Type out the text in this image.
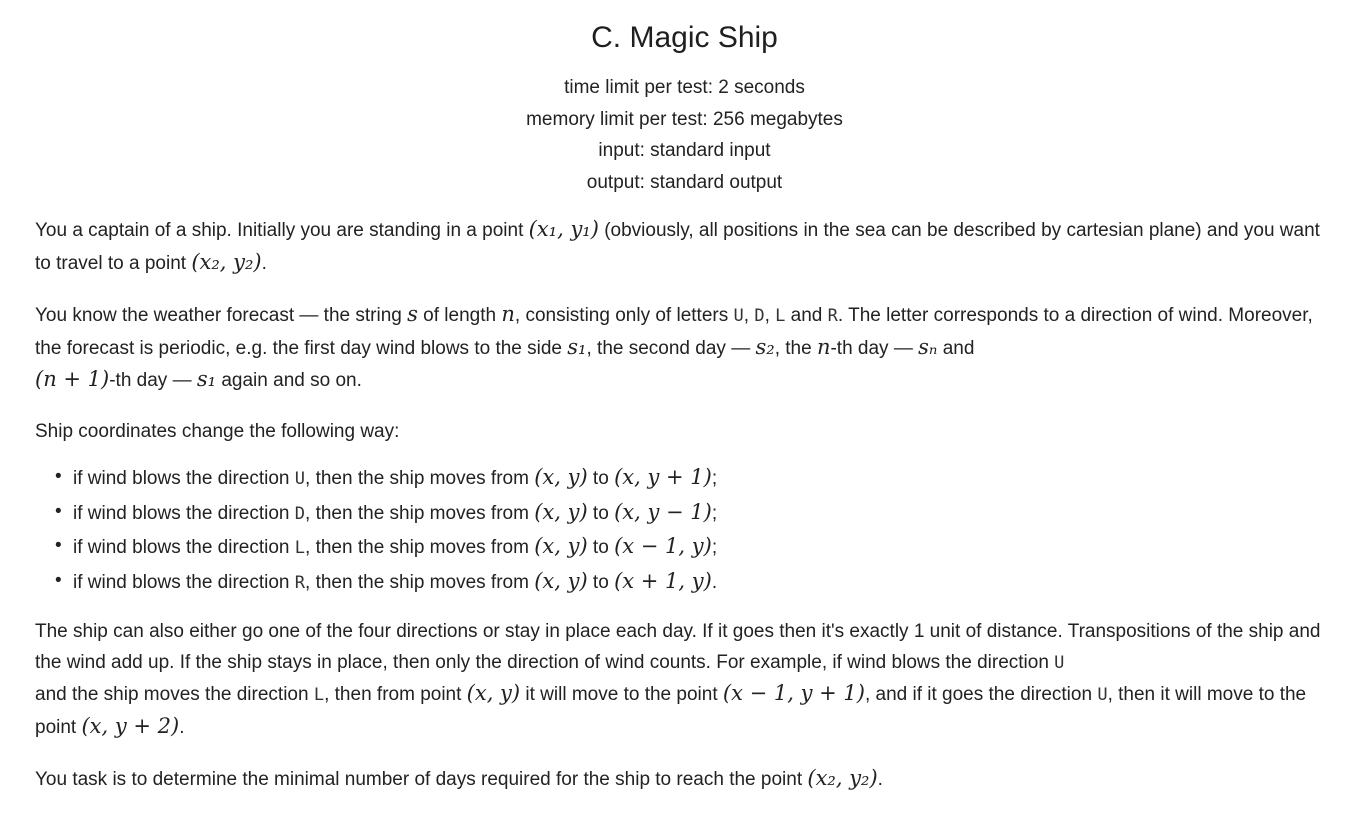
C. Magic Ship
time limit per test: 2 seconds
memory limit per test: 256 megabytes
input: standard input
output: standard output

You a captain of a ship. Initially you are standing in a point (x₁, y₁) (obviously, all positions in the sea can be described by cartesian plane) and you want to travel to a point (x₂, y₂).

You know the weather forecast — the string s of length n, consisting only of letters U, D, L and R. The letter corresponds to a direction of wind. Moreover, the forecast is periodic, e.g. the first day wind blows to the side s₁, the second day — s₂, the n-th day — sₙ and
(n + 1)-th day — s₁ again and so on.

Ship coordinates change the following way:

• if wind blows the direction U, then the ship moves from (x, y) to (x, y + 1);
• if wind blows the direction D, then the ship moves from (x, y) to (x, y − 1);
• if wind blows the direction L, then the ship moves from (x, y) to (x − 1, y);
• if wind blows the direction R, then the ship moves from (x, y) to (x + 1, y).

The ship can also either go one of the four directions or stay in place each day. If it goes then it's exactly 1 unit of distance. Transpositions of the ship and the wind add up. If the ship stays in place, then only the direction of wind counts. For example, if wind blows the direction U
and the ship moves the direction L, then from point (x, y) it will move to the point (x − 1, y + 1), and if it goes the direction U, then it will move to the point (x, y + 2).

You task is to determine the minimal number of days required for the ship to reach the point (x₂, y₂).
